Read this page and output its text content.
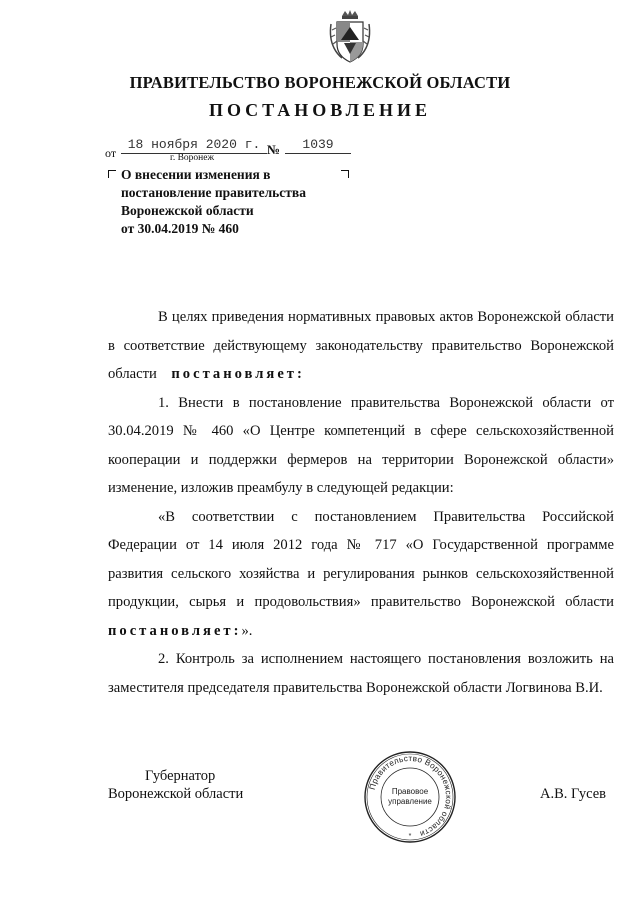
ПРАВИТЕЛЬСТВО ВОРОНЕЖСКОЙ ОБЛАСТИ
ПОСТАНОВЛЕНИЕ
от
18 ноября 2020 г. №	1039
г. Воронеж
О внесении изменения в
постановление правительства
Воронежской области
от 30.04.2019 № 460

В целях приведения нормативных правовых актов Воронежской области в соответствие действующему законодательству правительство Воронежской области постановляет:

1. Внести в постановление правительства Воронежской области от 30.04.2019 № 460 «О Центре компетенций в сфере сельскохозяйственной кооперации и поддержки фермеров на территории Воронежской области» изменение, изложив преамбулу в следующей редакции:

«В соответствии с постановлением Правительства Российской Федерации от 14 июля 2012 года № 717 «О Государственной программе развития сельского хозяйства и регулирования рынков сельскохозяйственной продукции, сырья и продовольствия» правительство Воронежской области постановляет:».

2. Контроль за исполнением настоящего постановления возложить на заместителя председателя правительства Воронежской области Логвинова В.И.

Губернатор
Воронежской области	А.В. Гусев
Правительство Воронежской области
Правовое
управление
*
